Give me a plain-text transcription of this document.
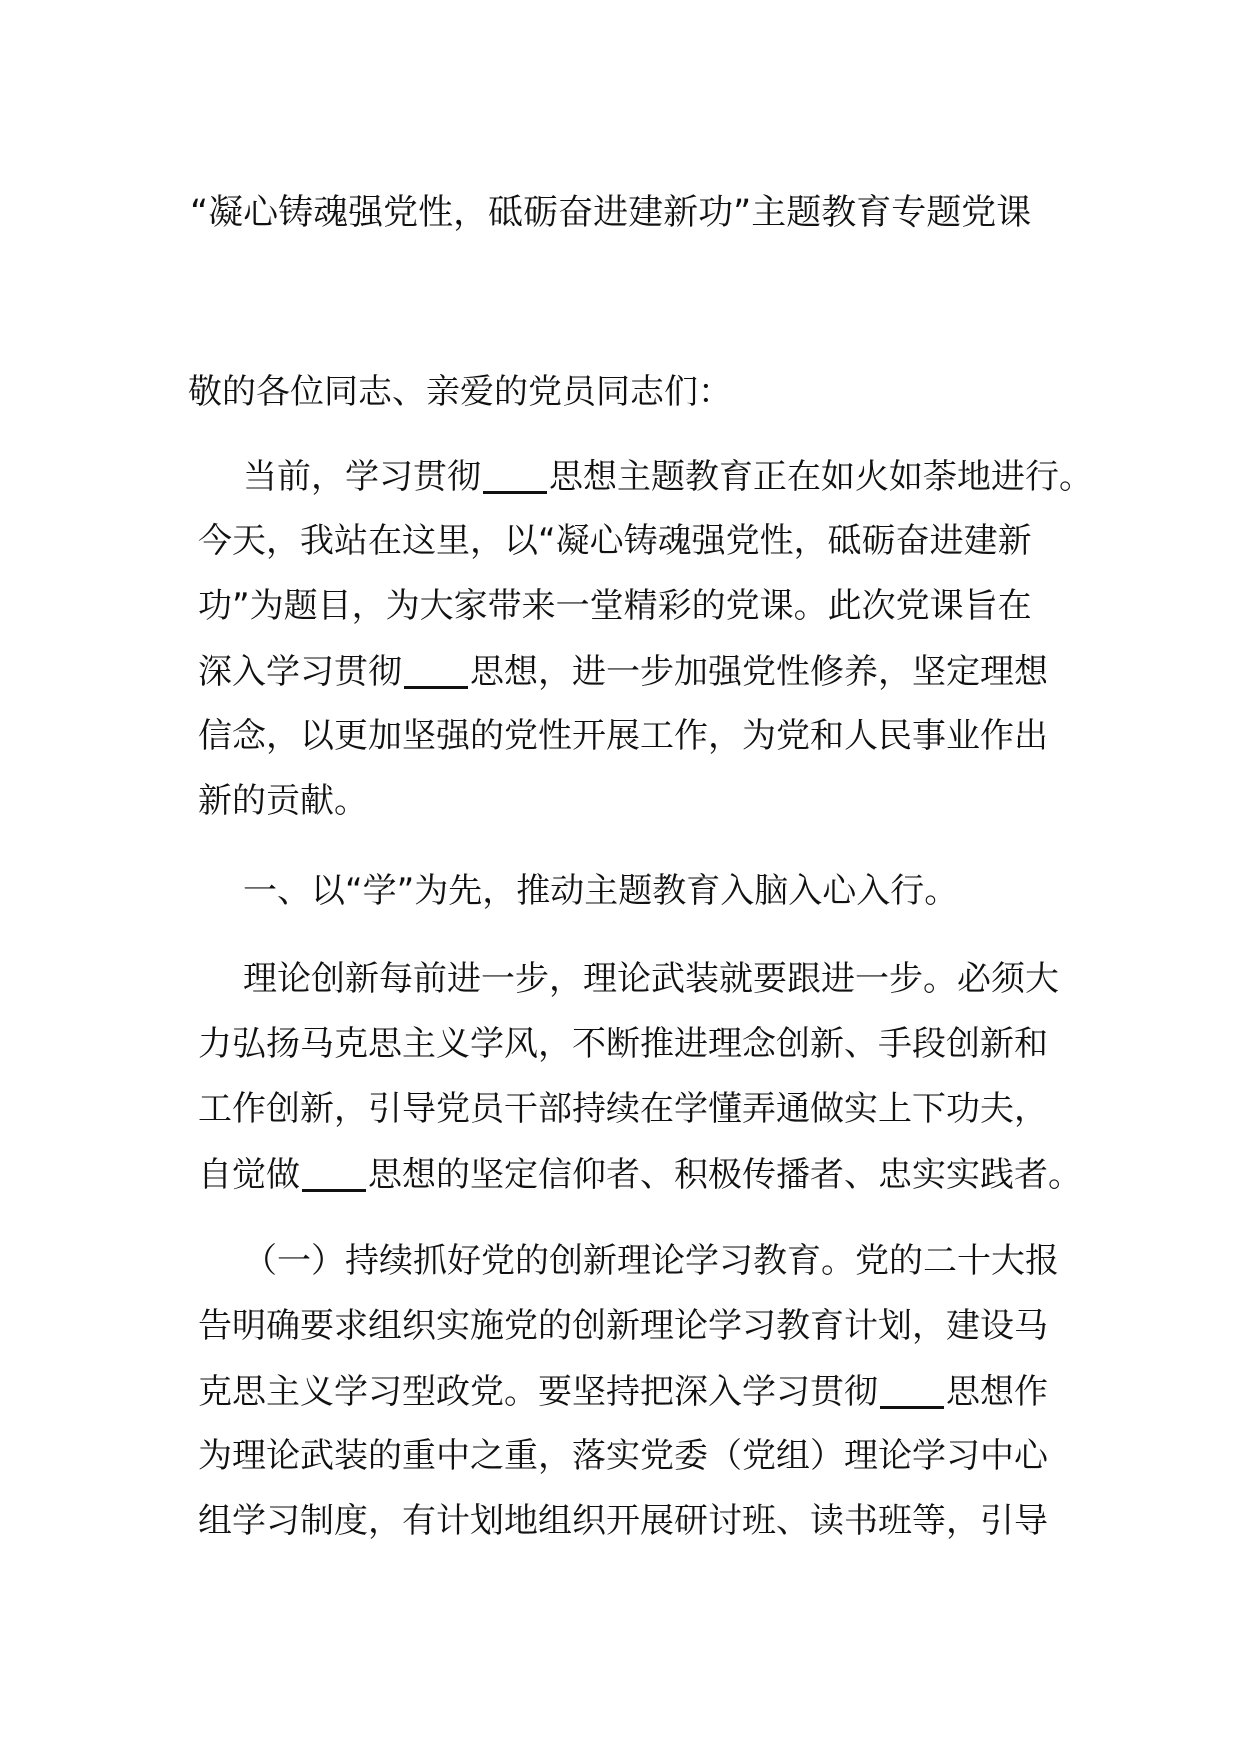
“凝心铸魂强党性，砥砺奋进建新功”主题教育专题党课
敬的各位同志、亲爱的党员同志们：
当前，学习贯彻 思想主题教育正在如火如荼地进行。
今天，我站在这里，以“凝心铸魂强党性，砥砺奋进建新
功”为题目，为大家带来一堂精彩的党课。此次党课旨在
深入学习贯彻 思想，进一步加强党性修养，坚定理想
信念，以更加坚强的党性开展工作，为党和人民事业作出
新的贡献。
一、以“学”为先，推动主题教育入脑入心入行。
理论创新每前进一步，理论武装就要跟进一步。必须大
力弘扬马克思主义学风，不断推进理念创新、手段创新和
工作创新，引导党员干部持续在学懂弄通做实上下功夫，
自觉做 思想的坚定信仰者、积极传播者、忠实实践者。
（一）持续抓好党的创新理论学习教育。党的二十大报
告明确要求组织实施党的创新理论学习教育计划，建设马
克思主义学习型政党。要坚持把深入学习贯彻 思想作
为理论武装的重中之重，落实党委（党组）理论学习中心
组学习制度，有计划地组织开展研讨班、读书班等，引导
